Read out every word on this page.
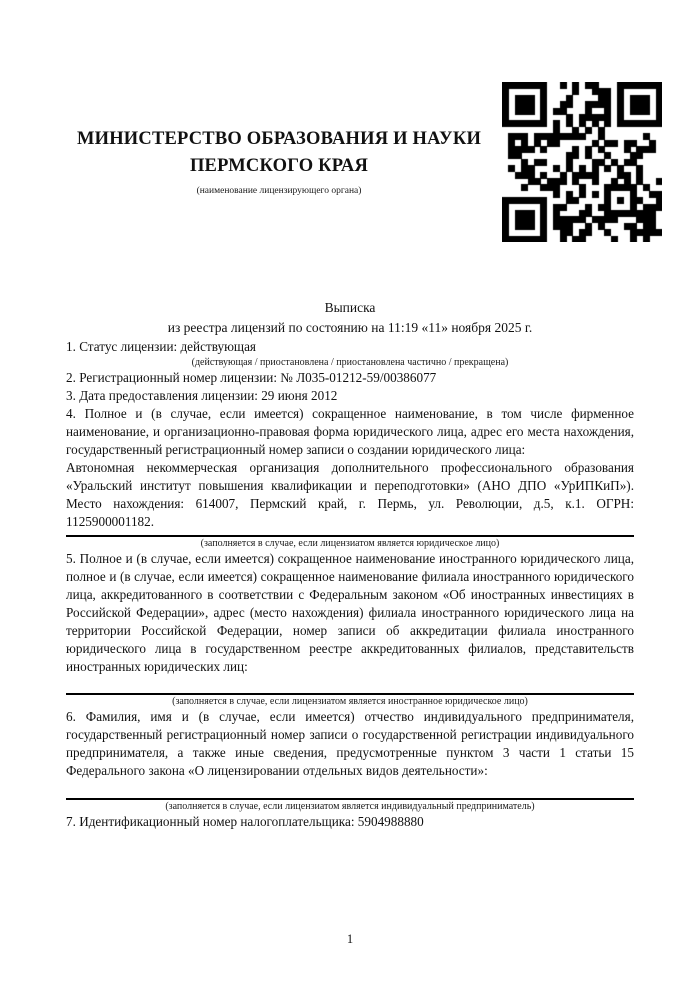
МИНИСТЕРСТВО ОБРАЗОВАНИЯ И НАУКИ
ПЕРМСКОГО КРАЯ
(наименование лицензирующего органа)
Выписка
из реестра лицензий по состоянию на 11:19 «11» ноября 2025 г.

1. Статус лицензии: действующая

(действующая / приостановлена / приостановлена частично / прекращена)

2. Регистрационный номер лицензии: № Л035-01212-59/00386077

3. Дата предоставления лицензии: 29 июня 2012

4. Полное и (в случае, если имеется) сокращенное наименование, в том числе фирменное наименование, и организационно-правовая форма юридического лица, адрес его места нахождения, государственный регистрационный номер записи о создании юридического лица:

Автономная некоммерческая организация дополнительного профессионального образования «Уральский институт повышения квалификации и переподготовки» (АНО ДПО «УрИПКиП»). Место нахождения: 614007, Пермский край, г. Пермь, ул. Революции, д.5, к.1. ОГРН: 1125900001182.

(заполняется в случае, если лицензиатом является юридическое лицо)

5. Полное и (в случае, если имеется) сокращенное наименование иностранного юридического лица, полное и (в случае, если имеется) сокращенное наименование филиала иностранного юридического лица, аккредитованного в соответствии с Федеральным законом «Об иностранных инвестициях в Российской Федерации», адрес (место нахождения) филиала иностранного юридического лица на территории Российской Федерации, номер записи об аккредитации филиала иностранного юридического лица в государственном реестре аккредитованных филиалов, представительств иностранных юридических лиц:

(заполняется в случае, если лицензиатом является иностранное юридическое лицо)

6. Фамилия, имя и (в случае, если имеется) отчество индивидуального предпринимателя, государственный регистрационный номер записи о государственной регистрации индивидуального предпринимателя, а также иные сведения, предусмотренные пунктом 3 части 1 статьи 15 Федерального закона «О лицензировании отдельных видов деятельности»:

(заполняется в случае, если лицензиатом является индивидуальный предприниматель)

7. Идентификационный номер налогоплательщика: 5904988880

1
